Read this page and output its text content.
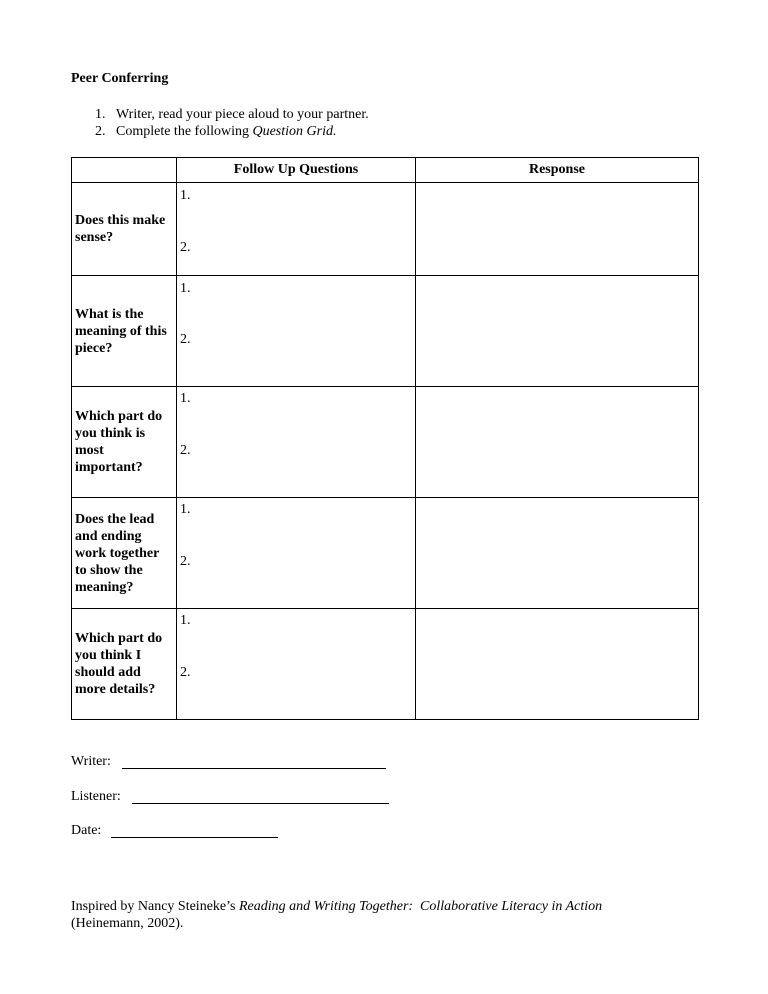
Peer Conferring
1. Writer, read your piece aloud to your partner.
2. Complete the following Question Grid.
	Follow Up Questions	Response

Does this make sense?	1.
2.	

What is the meaning of this piece?	1.
2.	

Which part do you think is most important?	1.
2.	

Does the lead and ending work together to show the meaning?	1.
2.	

Which part do you think I should add more details?	1.
2.	

Writer:
Listener:
Date:
Inspired by Nancy Steineke’s Reading and Writing Together:  Collaborative Literacy in Action
(Heinemann, 2002).
